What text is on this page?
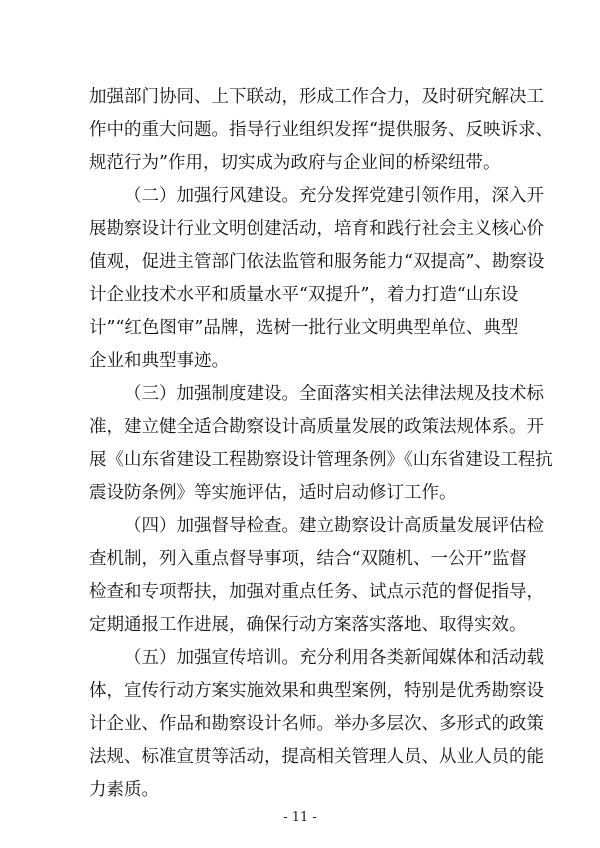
加强部门协同、上下联动，形成工作合力，及时研究解决工
作中的重大问题。指导行业组织发挥“提供服务、反映诉求、
规范行为”作用，切实成为政府与企业间的桥梁纽带。
（二）加强行风建设。充分发挥党建引领作用，深入开
展勘察设计行业文明创建活动，培育和践行社会主义核心价
值观，促进主管部门依法监管和服务能力“双提高”、勘察设
计企业技术水平和质量水平“双提升”，着力打造“山东设
计”“红色图审”品牌，选树一批行业文明典型单位、典型
企业和典型事迹。
（三）加强制度建设。全面落实相关法律法规及技术标
准，建立健全适合勘察设计高质量发展的政策法规体系。开
展《山东省建设工程勘察设计管理条例》《山东省建设工程抗
震设防条例》等实施评估，适时启动修订工作。
（四）加强督导检查。建立勘察设计高质量发展评估检
查机制，列入重点督导事项，结合“双随机、一公开”监督
检查和专项帮扶，加强对重点任务、试点示范的督促指导，
定期通报工作进展，确保行动方案落实落地、取得实效。
（五）加强宣传培训。充分利用各类新闻媒体和活动载
体，宣传行动方案实施效果和典型案例，特别是优秀勘察设
计企业、作品和勘察设计名师。举办多层次、多形式的政策
法规、标准宣贯等活动，提高相关管理人员、从业人员的能
力素质。
- 11 -
